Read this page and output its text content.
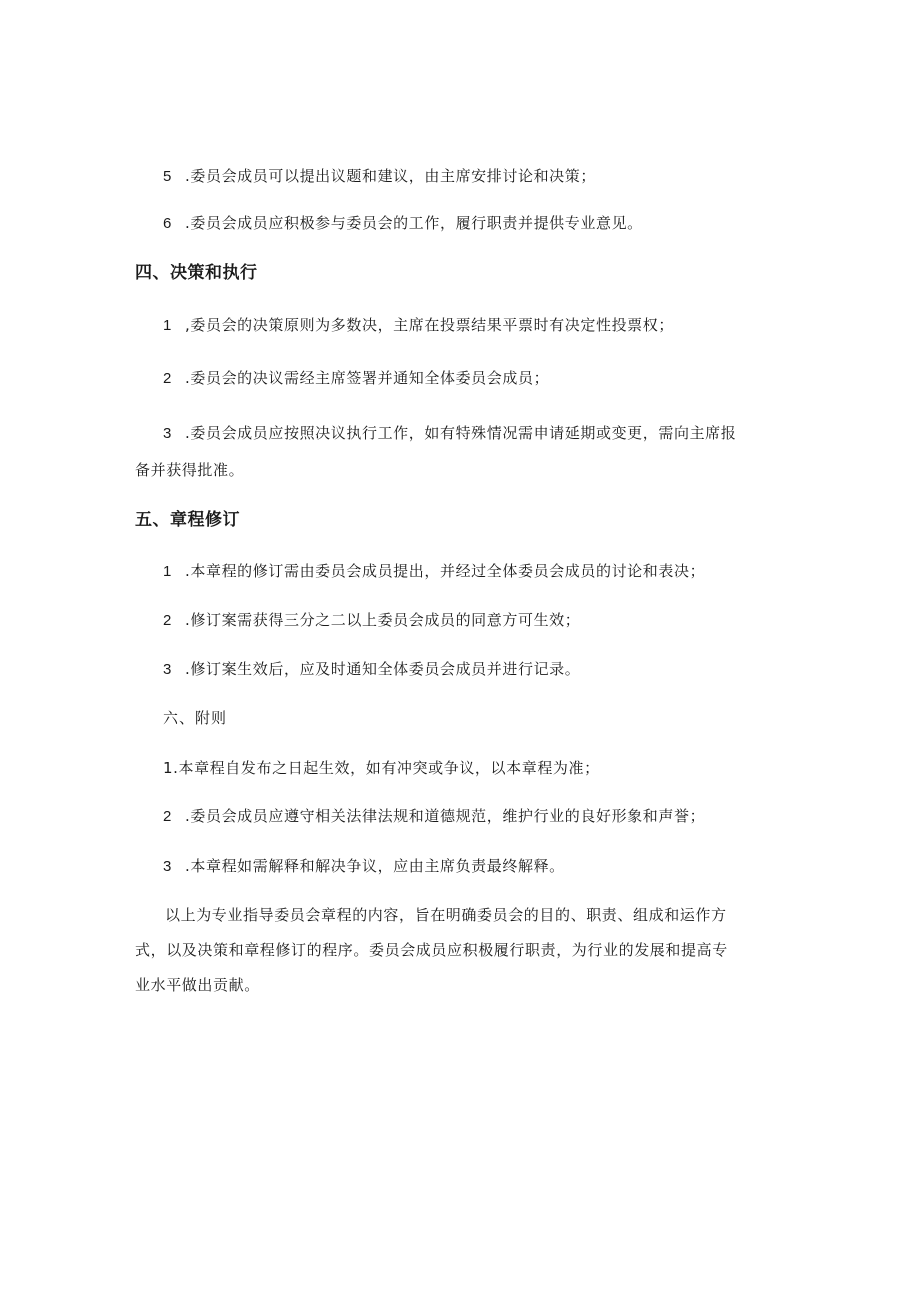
5 .委员会成员可以提出议题和建议，由主席安排讨论和决策；
6 .委员会成员应积极参与委员会的工作，履行职责并提供专业意见。
四、决策和执行
1 ,委员会的决策原则为多数决，主席在投票结果平票时有决定性投票权；
2 .委员会的决议需经主席签署并通知全体委员会成员；
3 .委员会成员应按照决议执行工作，如有特殊情况需申请延期或变更，需向主席报
备并获得批准。
五、章程修订
1 .本章程的修订需由委员会成员提出，并经过全体委员会成员的讨论和表决；
2 .修订案需获得三分之二以上委员会成员的同意方可生效；
3 .修订案生效后，应及时通知全体委员会成员并进行记录。
六、附则
1.本章程自发布之日起生效，如有冲突或争议，以本章程为准；
2 .委员会成员应遵守相关法律法规和道德规范，维护行业的良好形象和声誉；
3 .本章程如需解释和解决争议，应由主席负责最终解释。
以上为专业指导委员会章程的内容，旨在明确委员会的目的、职责、组成和运作方
式，以及决策和章程修订的程序。委员会成员应积极履行职责，为行业的发展和提高专
业水平做出贡献。
